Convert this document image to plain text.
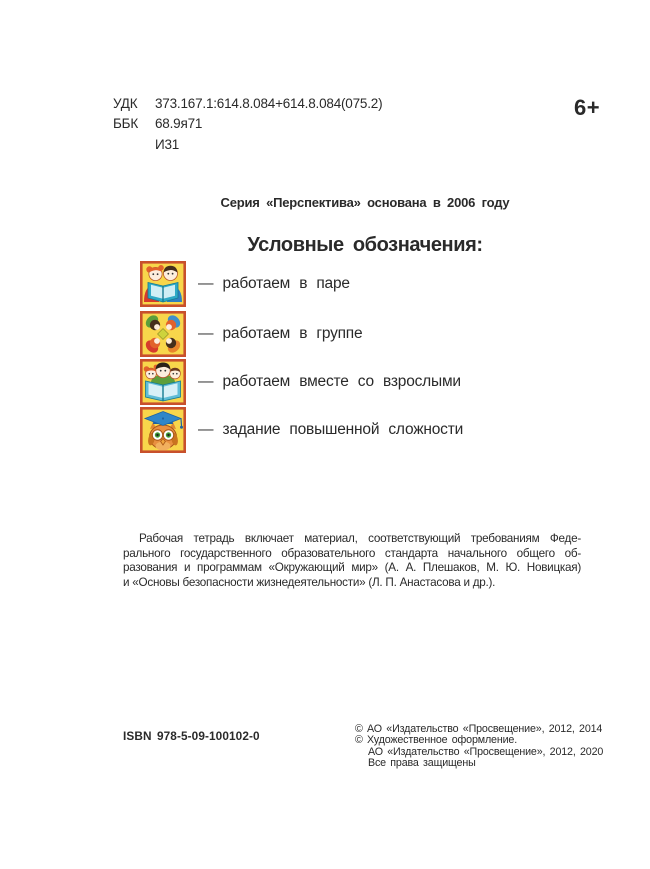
УДК	373.167.1:614.8.084+614.8.084(075.2)
ББК	68.9я71
И31
6+
Серия «Перспектива» основана в 2006 году
Условные обозначения:
— работаем в паре
— работаем в группе
— работаем вместе со взрослыми
— задание повышенной сложности
Рабочая тетрадь включает материал, соответствующий требованиям Феде-
рального государственного образовательного стандарта начального общего об-
разования и программам «Окружающий мир» (А. А. Плешаков, М. Ю. Новицкая)
и «Основы безопасности жизнедеятельности» (Л. П. Анастасова и др.).
ISBN 978-5-09-100102-0	© АО «Издательство «Просвещение», 2012, 2014
© Художественное оформление.
АО «Издательство «Просвещение», 2012, 2020
Все права защищены
